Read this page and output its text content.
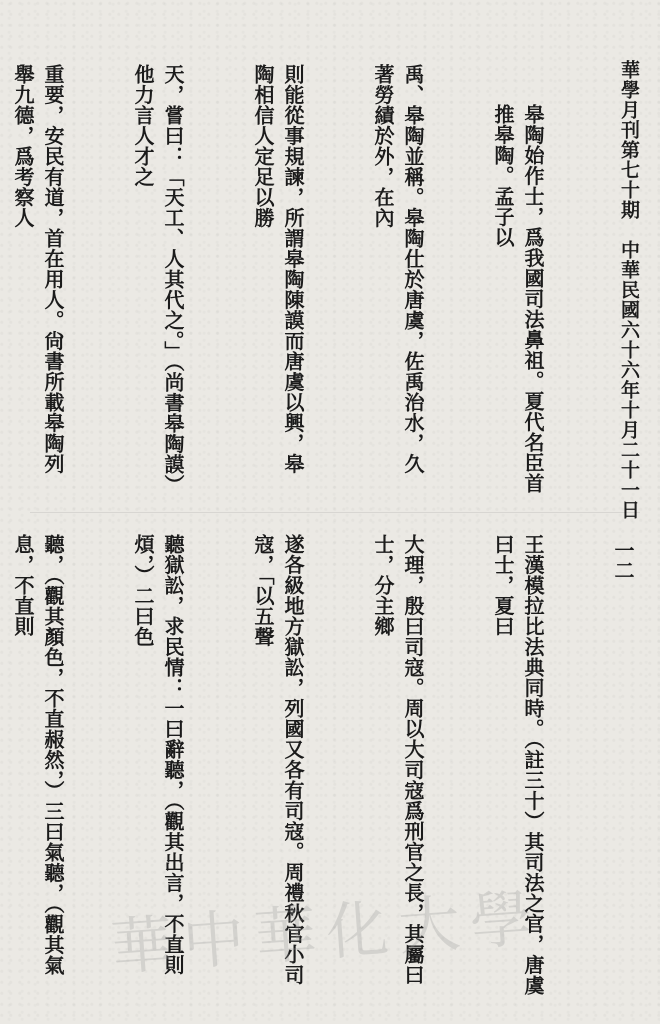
華學月刊第七十期　中華民國六十六年十月二十一日

皋陶始作士，爲我國司法鼻祖。夏代名臣首推皋陶。孟子以

禹、皋陶並稱。皋陶仕於唐虞，佐禹治水，久著勞績於外，在內

則能從事規諫，所謂皋陶陳謨而唐虞以興，皋陶相信人定足以勝

天，嘗曰：「天工、人其代之。」（尚書皋陶謨）他力言人才之

重要，安民有道，首在用人。尙書所載皋陶列舉九德，爲考察人

一二

王漢模拉比法典同時。（註三十）其司法之官，唐虞曰士，夏曰

大理，殷曰司寇。周以大司寇爲刑官之長，其屬曰士，分主鄉

遂各級地方獄訟，列國又各有司寇。周禮秋官小司寇，「以五聲

聽獄訟，求民情：一曰辭聽，（觀其出言，不直則煩，）二曰色

聽，（觀其顏色，不直赧然，）三曰氣聽，（觀其氣息，不直則

華中華化大學
